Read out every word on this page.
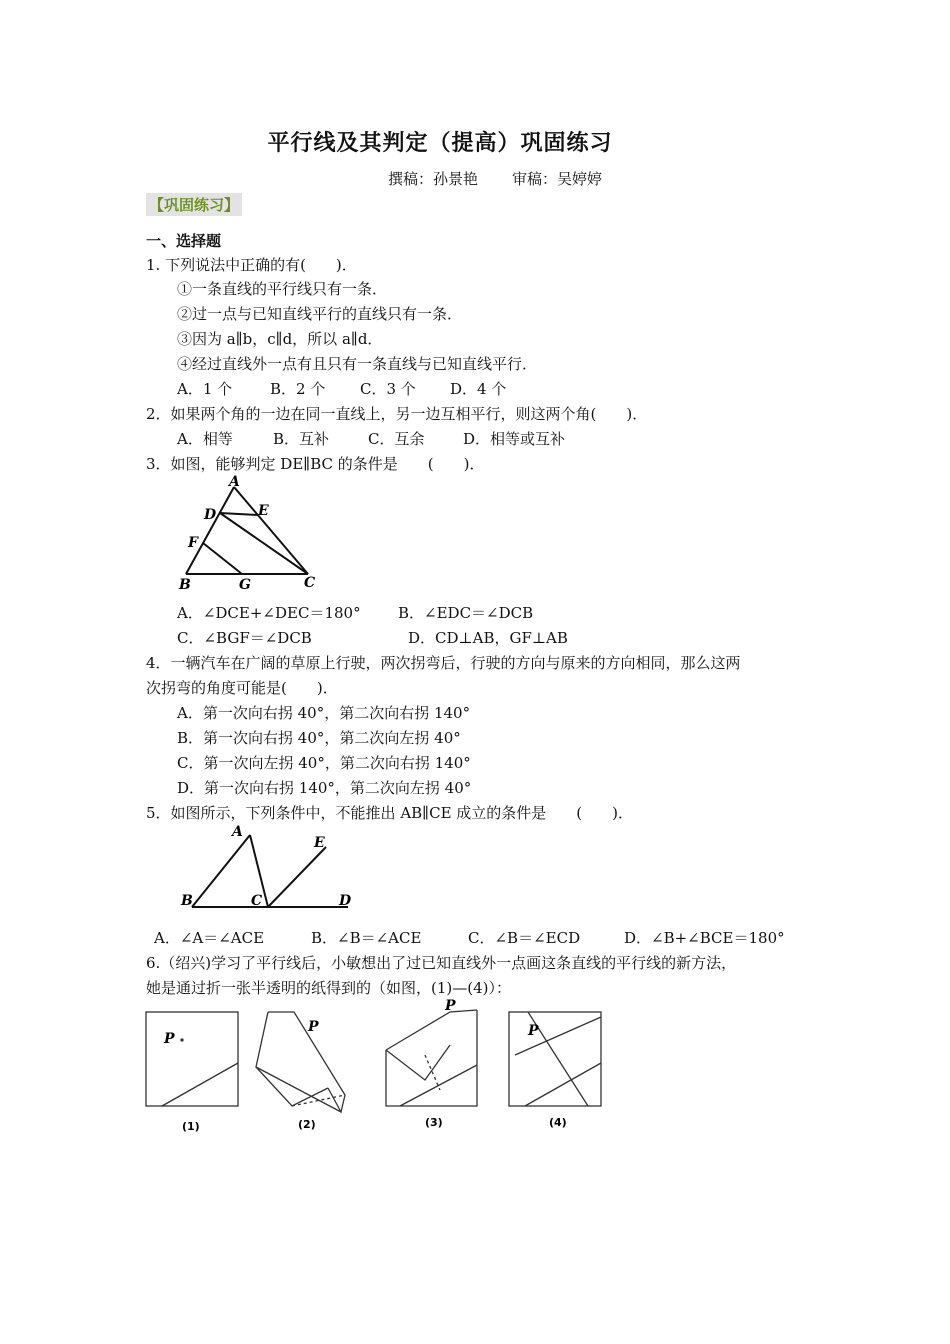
平行线及其判定（提高）巩固练习
撰稿：孙景艳 审稿：吴婷婷
【巩固练习】
一、选择题
1. 下列说法中正确的有(　　)．
①一条直线的平行线只有一条．
②过一点与已知直线平行的直线只有一条．
③因为 a∥b，c∥d，所以 a∥d．
④经过直线外一点有且只有一条直线与已知直线平行．
A．1 个	B．2 个 C．3 个 D．4 个
2．如果两个角的一边在同一直线上，另一边互相平行，则这两个角(　　)．
A．相等	B．互补	C．互余	D．相等或互补
3．如图，能够判定 DE∥BC 的条件是　　(　　)．
A
D	E
F
B	G	C
A．∠DCE+∠DEC＝180° B．∠EDC＝∠DCB
C．∠BGF＝∠DCB	D．CD⊥AB，GF⊥AB
4．一辆汽车在广阔的草原上行驶，两次拐弯后，行驶的方向与原来的方向相同，那么这两
次拐弯的角度可能是(　　)．
A．第一次向右拐 40°，第二次向右拐 140°
B．第一次向右拐 40°，第二次向左拐 40°
C．第一次向左拐 40°，第二次向右拐 140°
D．第一次向右拐 140°，第二次向左拐 40°
5．如图所示，下列条件中，不能推出 AB∥CE 成立的条件是　　(　　)．
A
E
B	C	D
A．∠A＝∠ACE	B．∠B＝∠ACE	C．∠B＝∠ECD	D．∠B+∠BCE＝180°
6.（绍兴)学习了平行线后，小敏想出了过已知直线外一点画这条直线的平行线的新方法，
她是通过折一张半透明的纸得到的（如图，(1)—(4)）：
P
P
P
P
(1)	(2)	(3)	(4)
